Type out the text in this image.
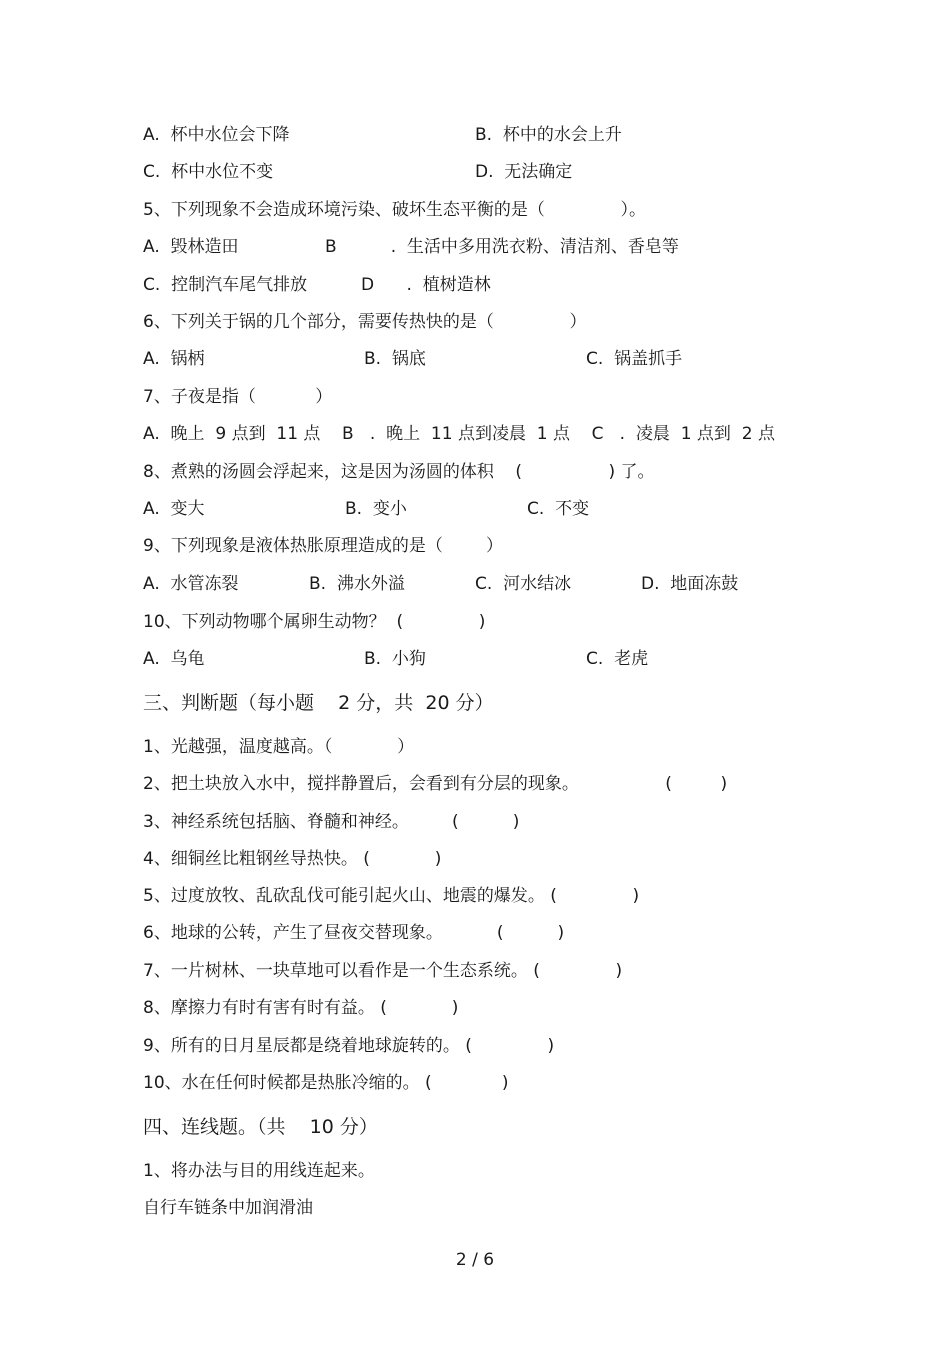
A.  杯中水位会下降	B.  杯中的水会上升
C.  杯中水位不变	D.  无法确定
5、下列现象不会造成环境污染、破坏生态平衡的是（              ）。
A.  毁林造田	B          .  生活中多用洗衣粉、清洁剂、香皂等
C.  控制汽车尾气排放	D      .  植树造林
6、下列关于锅的几个部分，需要传热快的是（              ）
A.  锅柄	B.  锅底	C.  锅盖抓手
7、子夜是指（           ）
A.  晚上  9 点到  11 点    B   .  晚上  11 点到凌晨  1 点    C   .  凌晨  1 点到  2 点
8、煮熟的汤圆会浮起来，这是因为汤圆的体积    (                ) 了。
A.  变大	B.  变小	C.  不变
9、下列现象是液体热胀原理造成的是（        ）
A.  水管冻裂	B.  沸水外溢	C.  河水结冰	D.  地面冻鼓
10、下列动物哪个属卵生动物？  (              )
A.  乌龟	B.  小狗	C.  老虎
三、判断题（每小题    2 分，共  20 分）
1、光越强，温度越高。（            ）
2、把土块放入水中，搅拌静置后，会看到有分层的现象。                (         )
3、神经系统包括脑、脊髓和神经。        (          )
4、细铜丝比粗钢丝导热快。 (            )
5、过度放牧、乱砍乱伐可能引起火山、地震的爆发。 (              )
6、地球的公转，产生了昼夜交替现象。          (          )
7、一片树林、一块草地可以看作是一个生态系统。 (              )
8、摩擦力有时有害有时有益。 (            )
9、所有的日月星辰都是绕着地球旋转的。 (              )
10、水在任何时候都是热胀冷缩的。 (             )
四、连线题。（共    10 分）
1、将办法与目的用线连起来。
自行车链条中加润滑油
2 / 6
